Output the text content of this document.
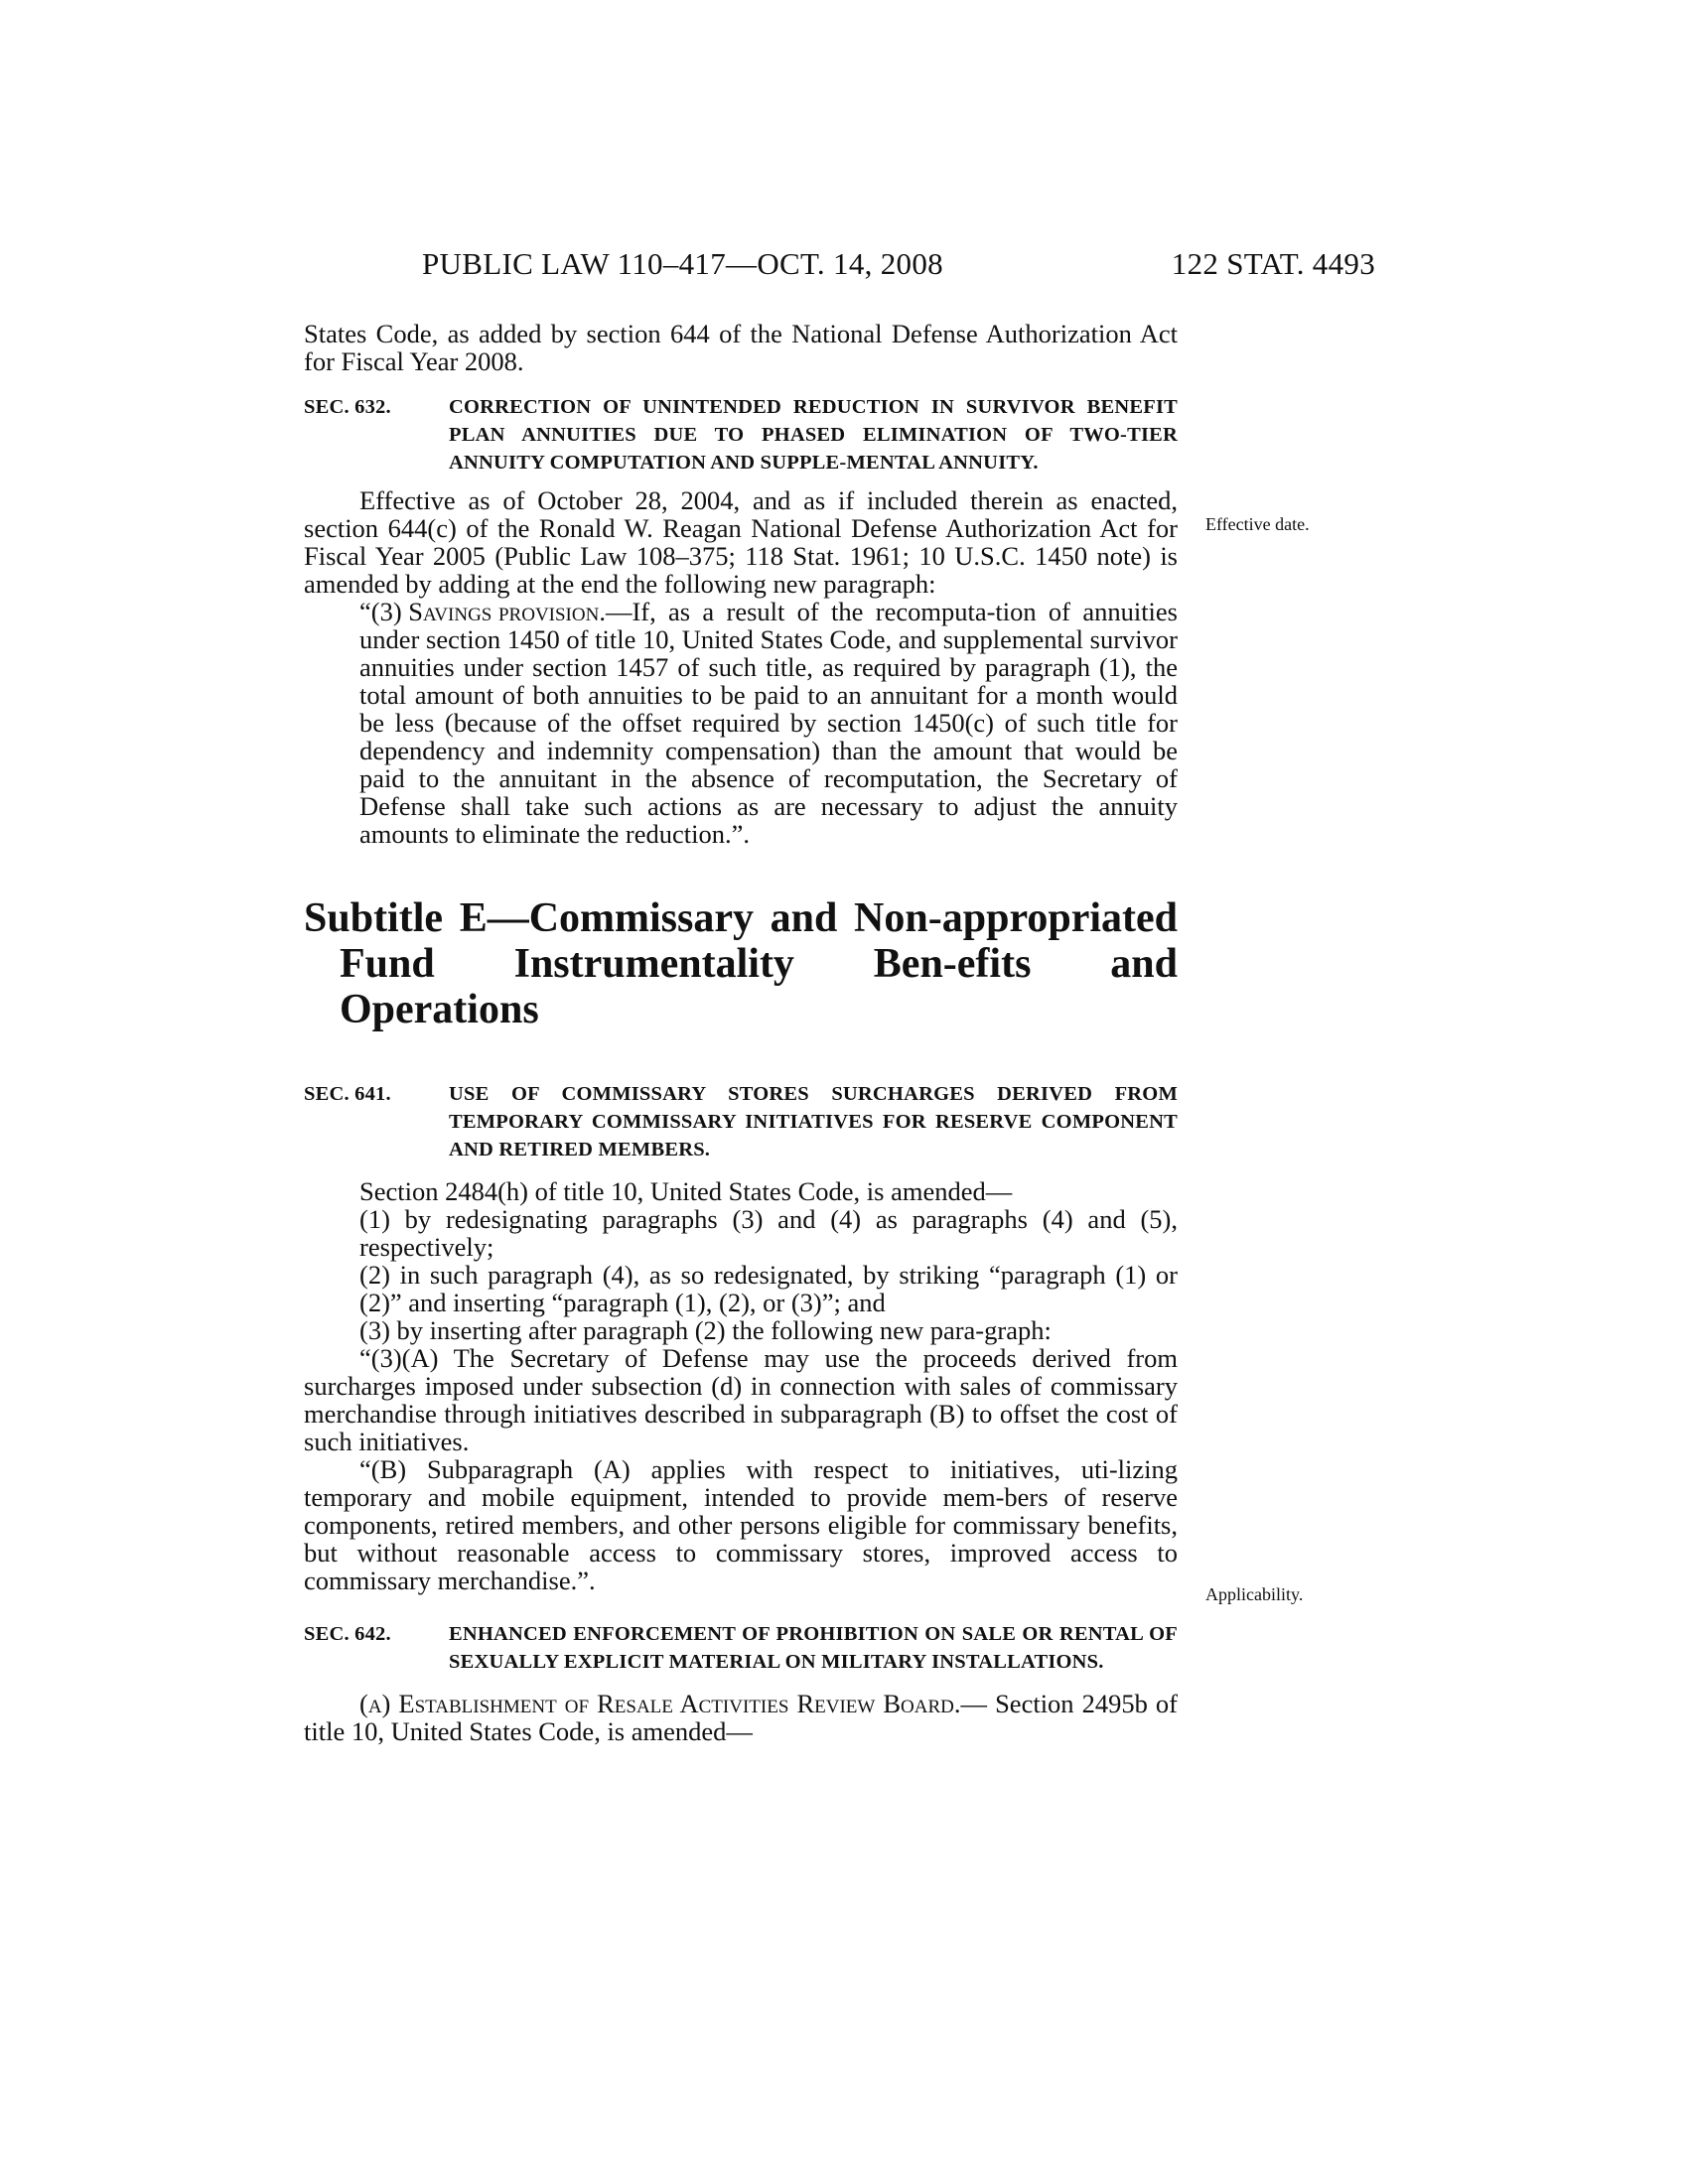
PUBLIC LAW 110–417—OCT. 14, 2008	122 STAT. 4493

States Code, as added by section 644 of the National Defense Authorization Act for Fiscal Year 2008.

SEC. 632.	CORRECTION OF UNINTENDED REDUCTION IN SURVIVOR BENEFIT PLAN ANNUITIES DUE TO PHASED ELIMINATION OF TWO-TIER ANNUITY COMPUTATION AND SUPPLE-MENTAL ANNUITY.

Effective as of October 28, 2004, and as if included therein as enacted, section 644(c) of the Ronald W. Reagan National Defense Authorization Act for Fiscal Year 2005 (Public Law 108–375; 118 Stat. 1961; 10 U.S.C. 1450 note) is amended by adding at the end the following new paragraph:

“(3) Savings provision.—If, as a result of the recomputa-tion of annuities under section 1450 of title 10, United States Code, and supplemental survivor annuities under section 1457 of such title, as required by paragraph (1), the total amount of both annuities to be paid to an annuitant for a month would be less (because of the offset required by section 1450(c) of such title for dependency and indemnity compensation) than the amount that would be paid to the annuitant in the absence of recomputation, the Secretary of Defense shall take such actions as are necessary to adjust the annuity amounts to eliminate the reduction.”.

Subtitle E—Commissary and Non-appropriated Fund Instrumentality Ben-efits and Operations

SEC. 641.	USE OF COMMISSARY STORES SURCHARGES DERIVED FROM TEMPORARY COMMISSARY INITIATIVES FOR RESERVE COMPONENT AND RETIRED MEMBERS.

Section 2484(h) of title 10, United States Code, is amended—

(1) by redesignating paragraphs (3) and (4) as paragraphs (4) and (5), respectively;

(2) in such paragraph (4), as so redesignated, by striking “paragraph (1) or (2)” and inserting “paragraph (1), (2), or (3)”; and

(3) by inserting after paragraph (2) the following new para-graph:

“(3)(A) The Secretary of Defense may use the proceeds derived from surcharges imposed under subsection (d) in connection with sales of commissary merchandise through initiatives described in subparagraph (B) to offset the cost of such initiatives.

“(B) Subparagraph (A) applies with respect to initiatives, uti-lizing temporary and mobile equipment, intended to provide mem-bers of reserve components, retired members, and other persons eligible for commissary benefits, but without reasonable access to commissary stores, improved access to commissary merchandise.”.

SEC. 642.	ENHANCED ENFORCEMENT OF PROHIBITION ON SALE OR RENTAL OF SEXUALLY EXPLICIT MATERIAL ON MILITARY INSTALLATIONS.

(a) Establishment of Resale Activities Review Board.— Section 2495b of title 10, United States Code, is amended—

Effective date.
Applicability.
